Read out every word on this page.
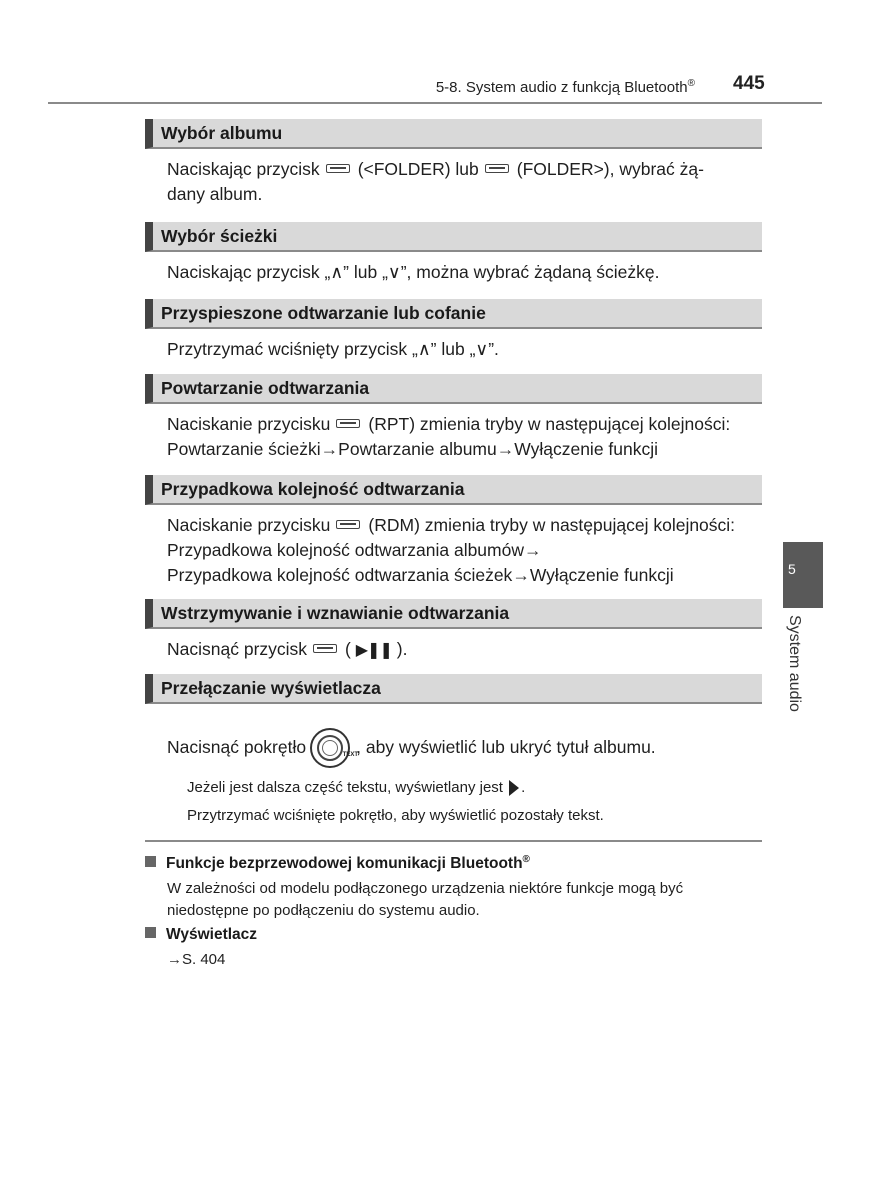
5-8. System audio z funkcją Bluetooth® 445
Wybór albumu
Naciskając przycisk (<FOLDER) lub (FOLDER>), wybrać żą-
dany album.
Wybór ścieżki
Naciskając przycisk „∧” lub „∨”, można wybrać żądaną ścieżkę.
Przyspieszone odtwarzanie lub cofanie
Przytrzymać wciśnięty przycisk „∧” lub „∨”.
Powtarzanie odtwarzania
Naciskanie przycisku (RPT) zmienia tryby w następującej kolejności:
Powtarzanie ścieżki→Powtarzanie albumu→Wyłączenie funkcji
Przypadkowa kolejność odtwarzania
Naciskanie przycisku (RDM) zmienia tryby w następującej kolejności:
Przypadkowa kolejność odtwarzania albumów→
Przypadkowa kolejność odtwarzania ścieżek→Wyłączenie funkcji
Wstrzymywanie i wznawianie odtwarzania
Nacisnąć przycisk ( ▶❚❚ ).
Przełączanie wyświetlacza
Nacisnąć pokrętło	TEXT
, aby wyświetlić lub ukryć tytuł albumu.
Jeżeli jest dalsza część tekstu, wyświetlany jest .
Przytrzymać wciśnięte pokrętło, aby wyświetlić pozostały tekst.
Funkcje bezprzewodowej komunikacji Bluetooth®
W zależności od modelu podłączonego urządzenia niektóre funkcje mogą być niedostępne po podłączeniu do systemu audio.
Wyświetlacz
→S. 404
5
System audio
